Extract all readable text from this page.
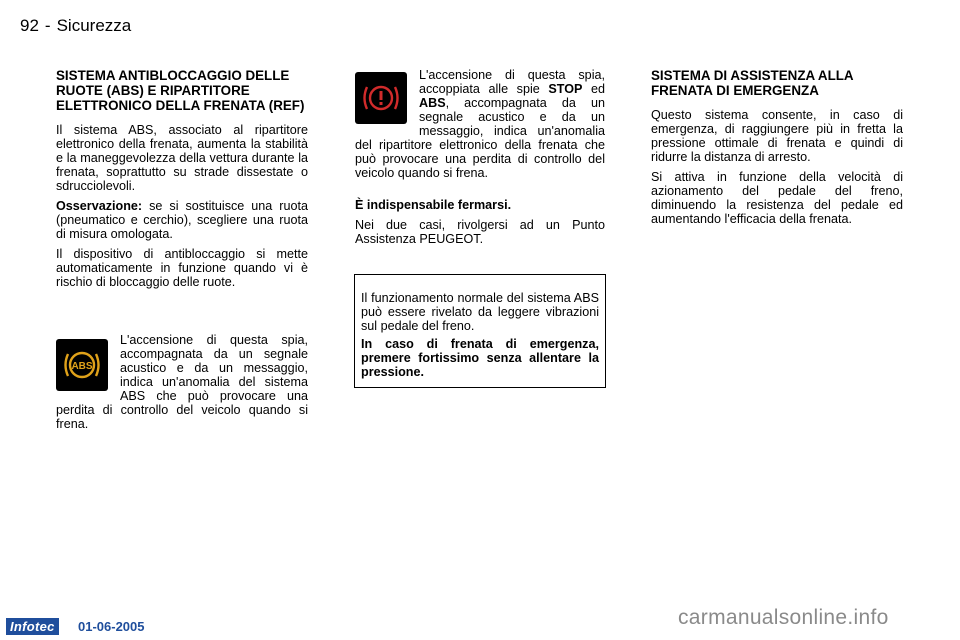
92 - Sicurezza
SISTEMA ANTIBLOCCAGGIO DELLE RUOTE (ABS) E RIPARTITORE ELETTRONICO DELLA FRENATA (REF)

Il sistema ABS, associato al ripartitore elettronico della frenata, aumenta la stabilità e la maneggevolezza della vettura durante la frenata, soprattutto su strade dissestate o sdrucciolevoli.

Osservazione: se si sostituisce una ruota (pneumatico e cerchio), scegliere una ruota di misura omologata.

Il dispositivo di antibloccaggio si mette automaticamente in funzione quando vi è rischio di bloccaggio delle ruote.

ABS

L'accensione di questa spia, accompagnata da un segnale acustico e da un messaggio, indica un'anomalia del sistema ABS che può provocare una perdita di controllo del veicolo quando si frena.

L'accensione di questa spia, accoppiata alle spie STOP ed ABS, accompagnata da un segnale acustico e da un messaggio, indica un'anomalia del ripartitore elettronico della frenata che può provocare una perdita di controllo del veicolo quando si frena.

È indispensabile fermarsi.

Nei due casi, rivolgersi ad un Punto Assistenza PEUGEOT.

Il funzionamento normale del sistema ABS può essere rivelato da leggere vibrazioni sul pedale del freno.

In caso di frenata di emergenza, premere fortissimo senza allentare la pressione.

SISTEMA DI ASSISTENZA ALLA FRENATA DI EMERGENZA

Questo sistema consente, in caso di emergenza, di raggiungere più in fretta la pressione ottimale di frenata e quindi di ridurre la distanza di arresto.

Si attiva in funzione della velocità di azionamento del pedale del freno, diminuendo la resistenza del pedale ed aumentando l'efficacia della frenata.

Infotec	01-06-2005	carmanualsonline.info
